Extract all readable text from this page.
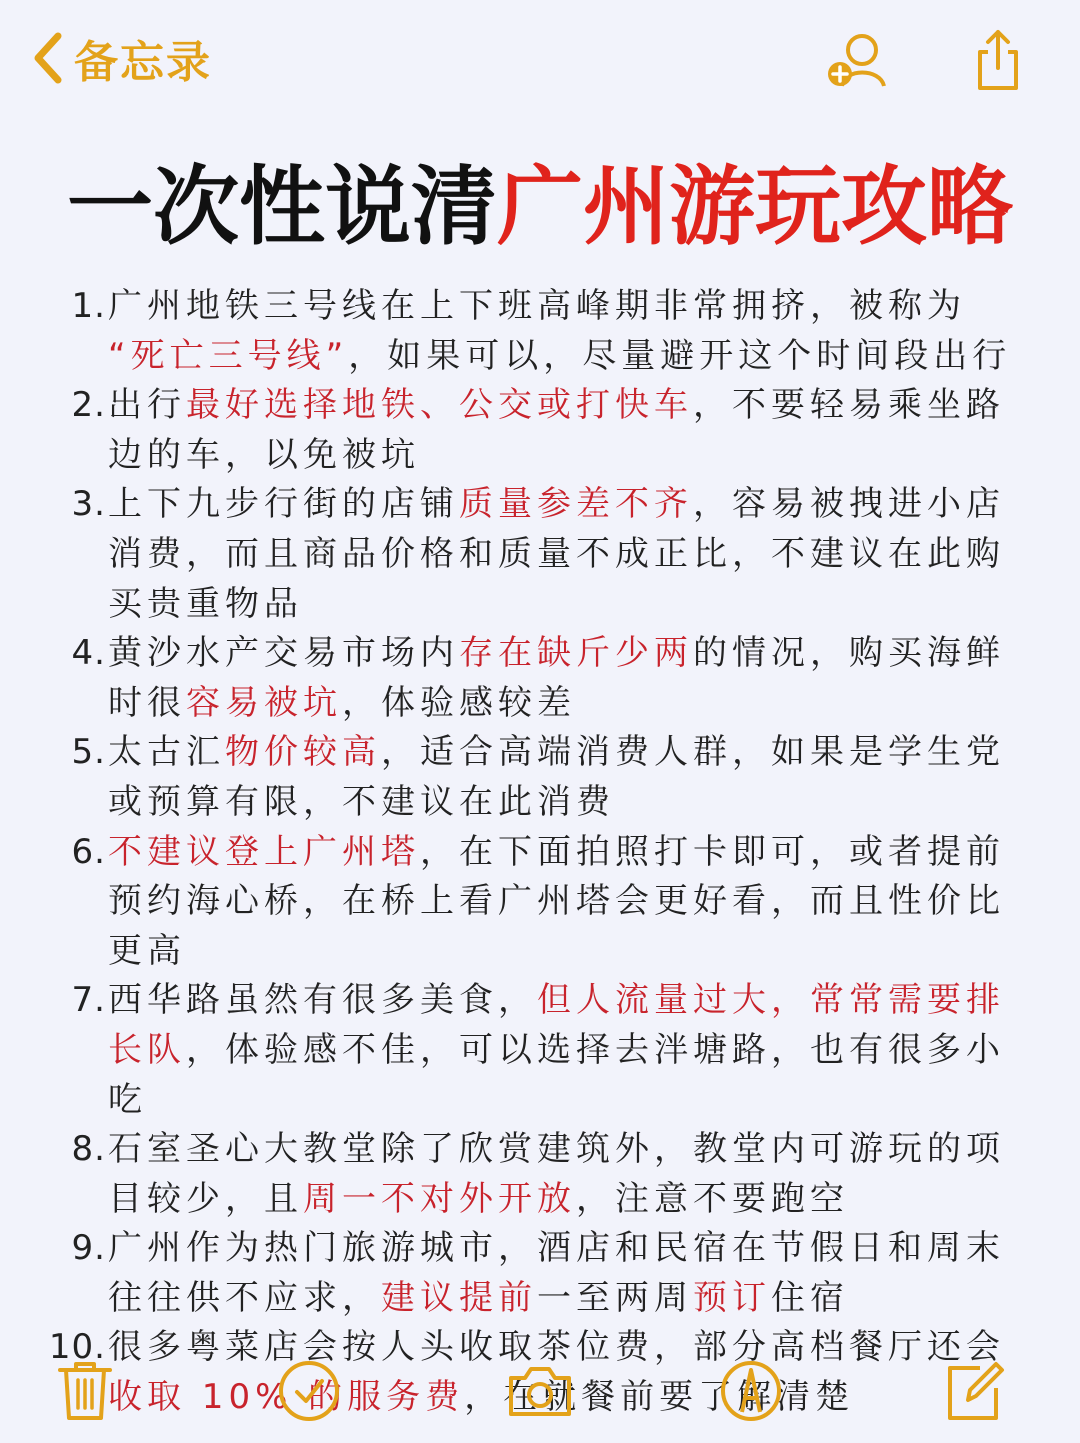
备忘录
一次性说清广州游玩攻略
1. 广州地铁三号线在上下班高峰期非常拥挤，被称为 “死亡三号线”，如果可以，尽量避开这个时间段出行
2. 出行最好选择地铁、公交或打快车，不要轻易乘坐路边的车，以免被坑
3. 上下九步行街的店铺质量参差不齐，容易被拽进小店消费，而且商品价格和质量不成正比，不建议在此购买贵重物品
4. 黄沙水产交易市场内存在缺斤少两的情况，购买海鲜时很容易被坑，体验感较差
5. 太古汇物价较高，适合高端消费人群，如果是学生党或预算有限，不建议在此消费
6. 不建议登上广州塔，在下面拍照打卡即可，或者提前预约海心桥，在桥上看广州塔会更好看，而且性价比更高
7. 西华路虽然有很多美食，但人流量过大，常常需要排长队，体验感不佳，可以选择去泮塘路，也有很多小吃
8. 石室圣心大教堂除了欣赏建筑外，教堂内可游玩的项目较少，且周一不对外开放，注意不要跑空
9. 广州作为热门旅游城市，酒店和民宿在节假日和周末往往供不应求，建议提前一至两周预订住宿
10. 很多粤菜店会按人头收取茶位费，部分高档餐厅还会收取 10% 的服务费，在就餐前要了解清楚
